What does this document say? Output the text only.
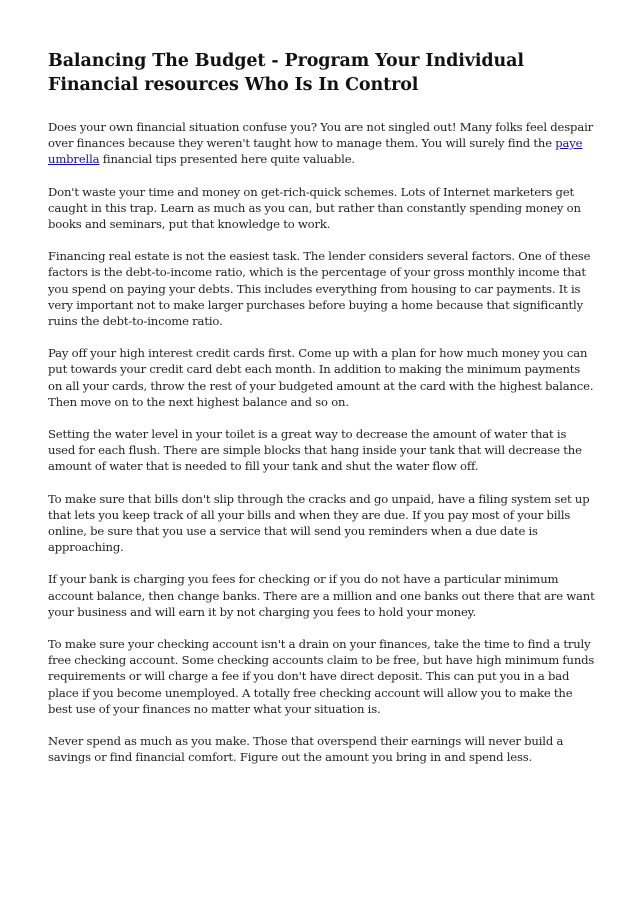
Balancing The Budget - Program Your Individual Financial resources Who Is In Control

Does your own financial situation confuse you? You are not singled out! Many folks feel despair over finances because they weren't taught how to manage them. You will surely find the paye umbrella financial tips presented here quite valuable.

Don't waste your time and money on get-rich-quick schemes. Lots of Internet marketers get caught in this trap. Learn as much as you can, but rather than constantly spending money on books and seminars, put that knowledge to work.

Financing real estate is not the easiest task. The lender considers several factors. One of these factors is the debt-to-income ratio, which is the percentage of your gross monthly income that you spend on paying your debts. This includes everything from housing to car payments. It is very important not to make larger purchases before buying a home because that significantly ruins the debt-to-income ratio.

Pay off your high interest credit cards first. Come up with a plan for how much money you can put towards your credit card debt each month. In addition to making the minimum payments on all your cards, throw the rest of your budgeted amount at the card with the highest balance. Then move on to the next highest balance and so on.

Setting the water level in your toilet is a great way to decrease the amount of water that is used for each flush. There are simple blocks that hang inside your tank that will decrease the amount of water that is needed to fill your tank and shut the water flow off.

To make sure that bills don't slip through the cracks and go unpaid, have a filing system set up that lets you keep track of all your bills and when they are due. If you pay most of your bills online, be sure that you use a service that will send you reminders when a due date is approaching.

If your bank is charging you fees for checking or if you do not have a particular minimum account balance, then change banks. There are a million and one banks out there that are want your business and will earn it by not charging you fees to hold your money.

To make sure your checking account isn't a drain on your finances, take the time to find a truly free checking account. Some checking accounts claim to be free, but have high minimum funds requirements or will charge a fee if you don't have direct deposit. This can put you in a bad place if you become unemployed. A totally free checking account will allow you to make the best use of your finances no matter what your situation is.

Never spend as much as you make. Those that overspend their earnings will never build a savings or find financial comfort. Figure out the amount you bring in and spend less.
